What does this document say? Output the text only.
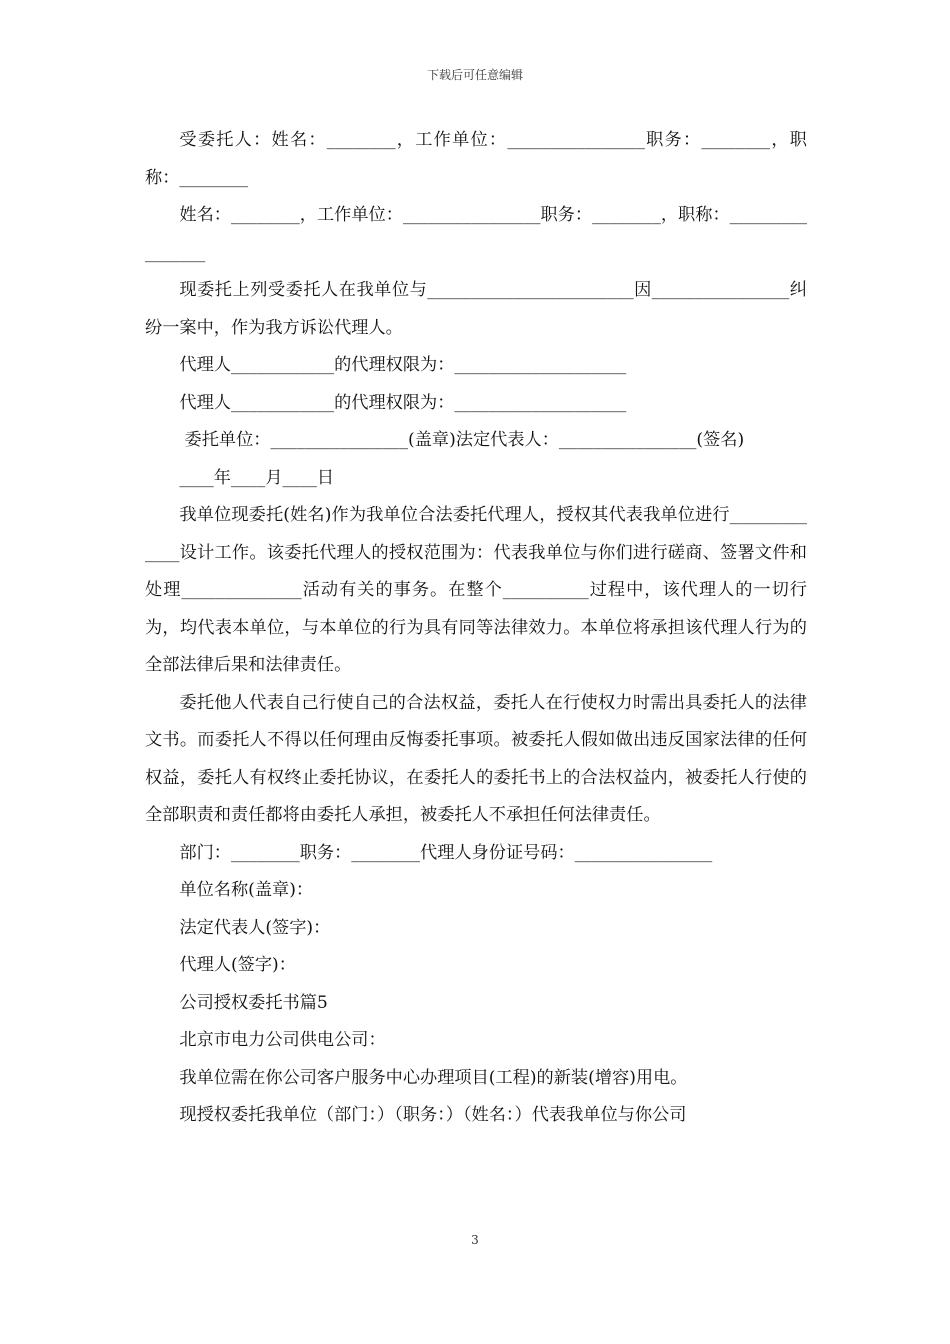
下载后可任意编辑

受委托人：姓名：________，工作单位：________________职务：________，职称：________

姓名：________，工作单位：________________职务：________，职称：________________

现委托上列受委托人在我单位与________________________因________________纠纷一案中，作为我方诉讼代理人。

代理人____________的代理权限为：____________________

代理人____________的代理权限为：____________________

委托单位：________________(盖章)法定代表人：________________(签名)

____年____月____日

我单位现委托(姓名)作为我单位合法委托代理人，授权其代表我单位进行_____________设计工作。该委托代理人的授权范围为：代表我单位与你们进行磋商、签署文件和处理______________活动有关的事务。在整个__________过程中，该代理人的一切行为，均代表本单位，与本单位的行为具有同等法律效力。本单位将承担该代理人行为的全部法律后果和法律责任。

委托他人代表自己行使自己的合法权益，委托人在行使权力时需出具委托人的法律文书。而委托人不得以任何理由反悔委托事项。被委托人假如做出违反国家法律的任何权益，委托人有权终止委托协议，在委托人的委托书上的合法权益内，被委托人行使的全部职责和责任都将由委托人承担，被委托人不承担任何法律责任。

部门：________职务：________代理人身份证号码：________________

单位名称(盖章)：

法定代表人(签字)：

代理人(签字)：

公司授权委托书篇5

北京市电力公司供电公司：

我单位需在你公司客户服务中心办理项目(工程)的新装(增容)用电。

现授权委托我单位（部门：）（职务：）（姓名：）代表我单位与你公司

3
